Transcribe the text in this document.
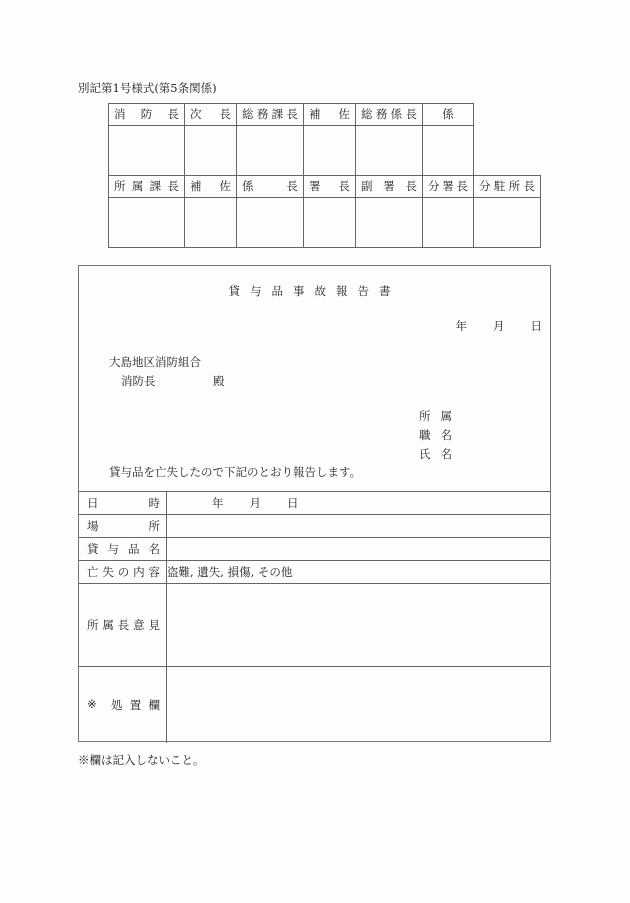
別記第1号様式(第5条関係)
消 防 長	次 長	総 務 課 長	補 佐	総 務 係 長	係	

所 属 課 長	補 佐	係 長	署 長	副 署 長	分 署 長	分 駐 所 長

貸与品事故報告書
年 月 日
大島地区消防組合
消防長	殿
所属
職名
氏名
貸与品を亡失したので下記のとおり報告します。
日 時	年 月 日

場 所	

貸 与 品 名	

亡 失 の 内 容	盗難, 遺失, 損傷, その他

所 属 長 意 見	

※ 処 置 欄	

※欄は記入しないこと。
